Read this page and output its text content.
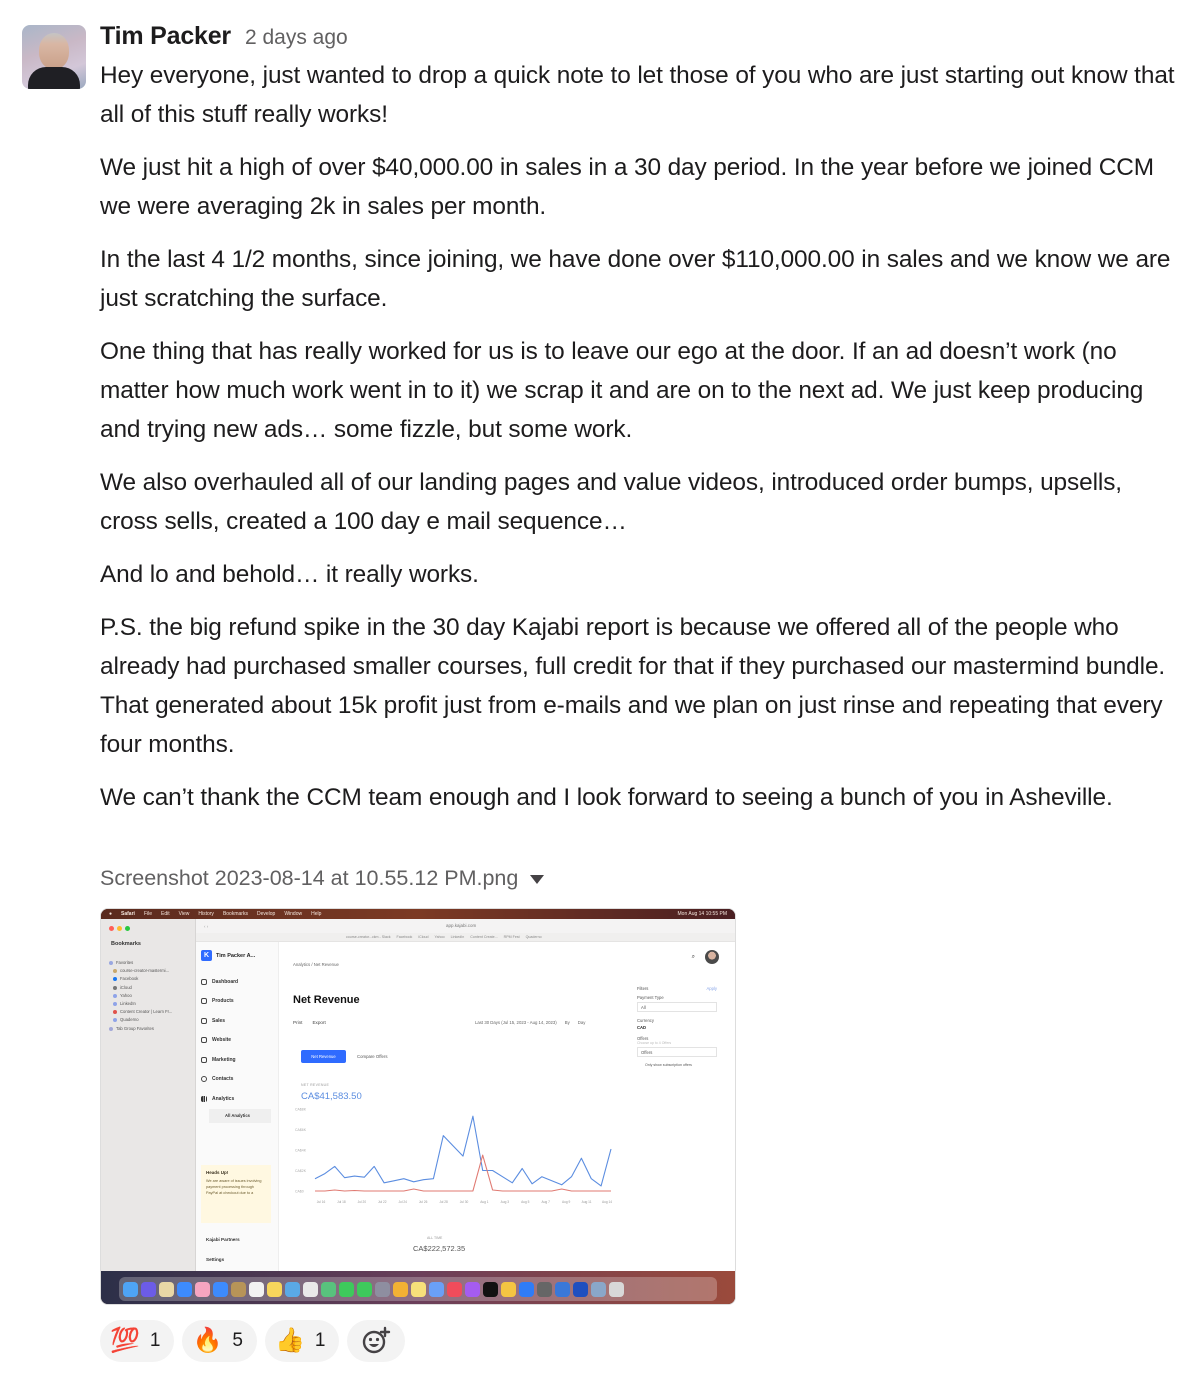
Tim Packer 2 days ago

Hey everyone, just wanted to drop a quick note to let those of you who are just starting out know that all of this stuff really works!

We just hit a high of over $40,000.00 in sales in a 30 day period. In the year before we joined CCM we were averaging 2k in sales per month.

In the last 4 1/2 months, since joining, we have done over $110,000.00 in sales and we know we are just scratching the surface.

One thing that has really worked for us is to leave our ego at the door. If an ad doesn’t work (no matter how much work went in to it) we scrap it and are on to the next ad. We just keep producing and trying new ads… some fizzle, but some work.

We also overhauled all of our landing pages and value videos, introduced order bumps, upsells, cross sells, created a 100 day e mail sequence…

And lo and behold… it really works.

P.S. the big refund spike in the 30 day Kajabi report is because we offered all of the people who already had purchased smaller courses, full credit for that if they purchased our mastermind bundle. That generated about 15k profit just from e-mails and we plan on just rinse and repeating that every four months.

We can’t thank the CCM team enough and I look forward to seeing a bunch of you in Asheville.

Screenshot 2023-08-14 at 10.55.12 PM.png
● Safari File Edit View History Bookmarks Develop Window Help	Mon Aug 14 10:55 PM
Bookmarks
Favorites
course-creator-mastermi...
Facebook
iCloud
Yahoo
LinkedIn
Content Creator | Learn Fr...
Quaderno
Tab Group Favorites
‹ ›	app.kajabi.com
course-creator...ckm - Slack Facebook iCloud Yahoo LinkedIn Content Create... RPM Fest Quaderno
K	Tim Packer A...
Dashboard
Products
Sales
Website
Marketing
Contacts
Analytics
All Analytics
Heads Up!
We are aware of issues involving payment processing through PayPal at checkout due to a
Kajabi Partners
Settings
⌕
Analytics / Net Revenue
Net Revenue
Print Export	Last 30 Days (Jul 15, 2023 - Aug 14, 2023) By Day
Net Revenue	Compare Offers
NET REVENUE
CA$41,583.50
CA$0
CA$2K
CA$4K
CA$6K
CA$8K
Jul 16	Jul 18	Jul 20	Jul 22	Jul 24	Jul 26	Jul 28	Jul 30	Aug 1	Aug 3	Aug 5	Aug 7	Aug 9	Aug 11	Aug 14
ALL TIME
CA$222,572.35
Filters	Apply
Payment Type
All
Currency
CAD
Offers
Choose up to 4 Offers
Offers
Only show subscription offers
💯 1 🔥 5 👍 1
